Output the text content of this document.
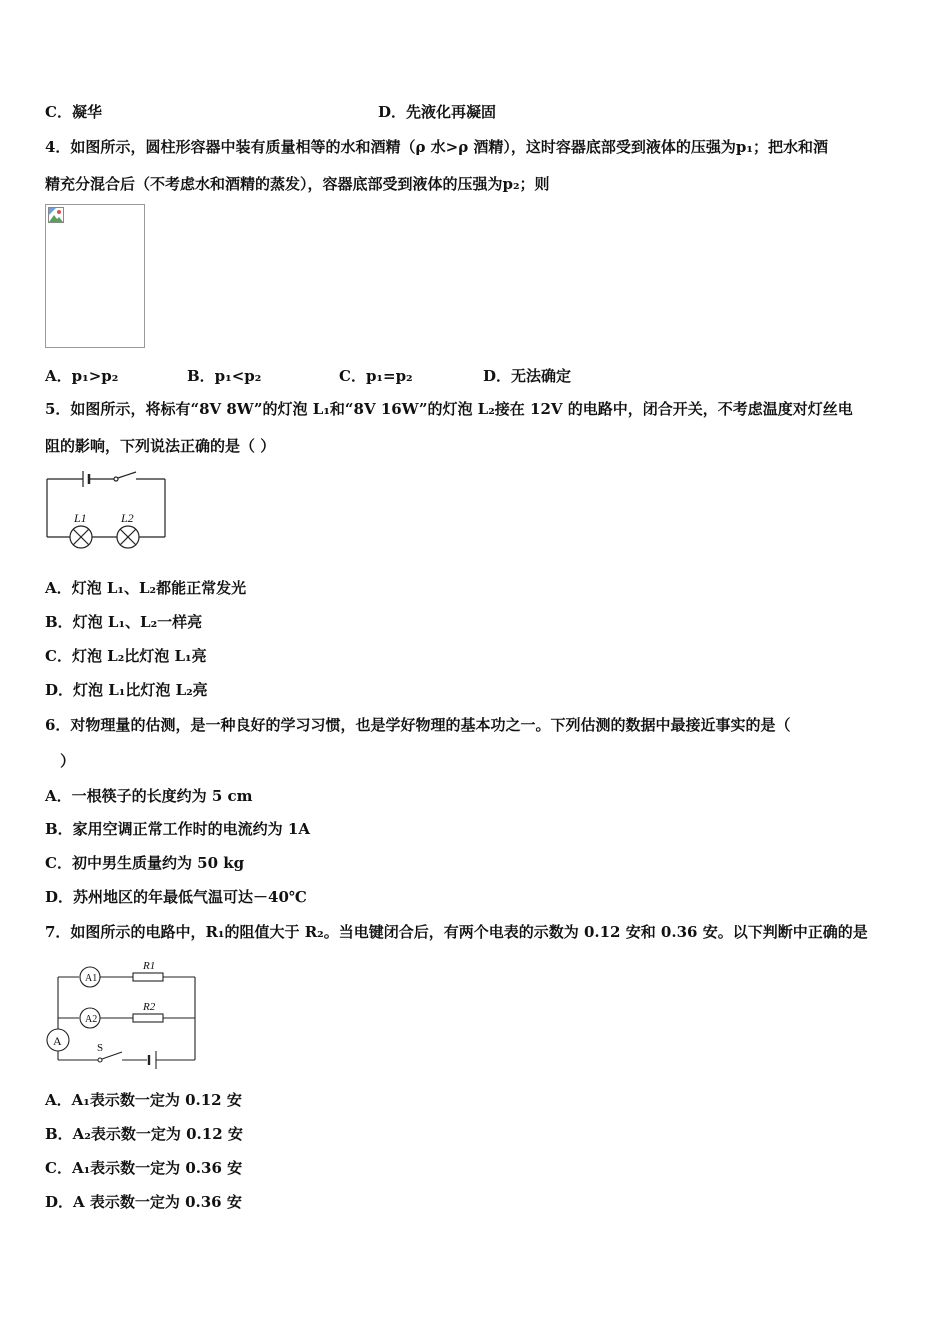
C．凝华	D．先液化再凝固
4．如图所示，圆柱形容器中装有质量相等的水和酒精（ρ 水>ρ 酒精），这时容器底部受到液体的压强为p₁；把水和酒
精充分混合后（不考虑水和酒精的蒸发），容器底部受到液体的压强为p₂；则
A．p₁>p₂	B．p₁<p₂	C．p₁=p₂	D．无法确定
5．如图所示，将标有“8V 8W”的灯泡 L₁和“8V 16W”的灯泡 L₂接在 12V 的电路中，闭合开关，不考虑温度对灯丝电
阻的影响，下列说法正确的是（ ）
L1	L2
A．灯泡 L₁、L₂都能正常发光
B．灯泡 L₁、L₂一样亮
C．灯泡 L₂比灯泡 L₁亮
D．灯泡 L₁比灯泡 L₂亮
6．对物理量的估测，是一种良好的学习习惯，也是学好物理的基本功之一。下列估测的数据中最接近事实的是（
）
A．一根筷子的长度约为 5 cm
B．家用空调正常工作时的电流约为 1A
C．初中男生质量约为 50 kg
D．苏州地区的年最低气温可达－40℃
7．如图所示的电路中，R₁的阻值大于 R₂。当电键闭合后，有两个电表的示数为 0.12 安和 0.36 安。以下判断中正确的是
A1
A2
A
R1
R2
S
A．A₁表示数一定为 0.12 安
B．A₂表示数一定为 0.12 安
C．A₁表示数一定为 0.36 安
D．A 表示数一定为 0.36 安
